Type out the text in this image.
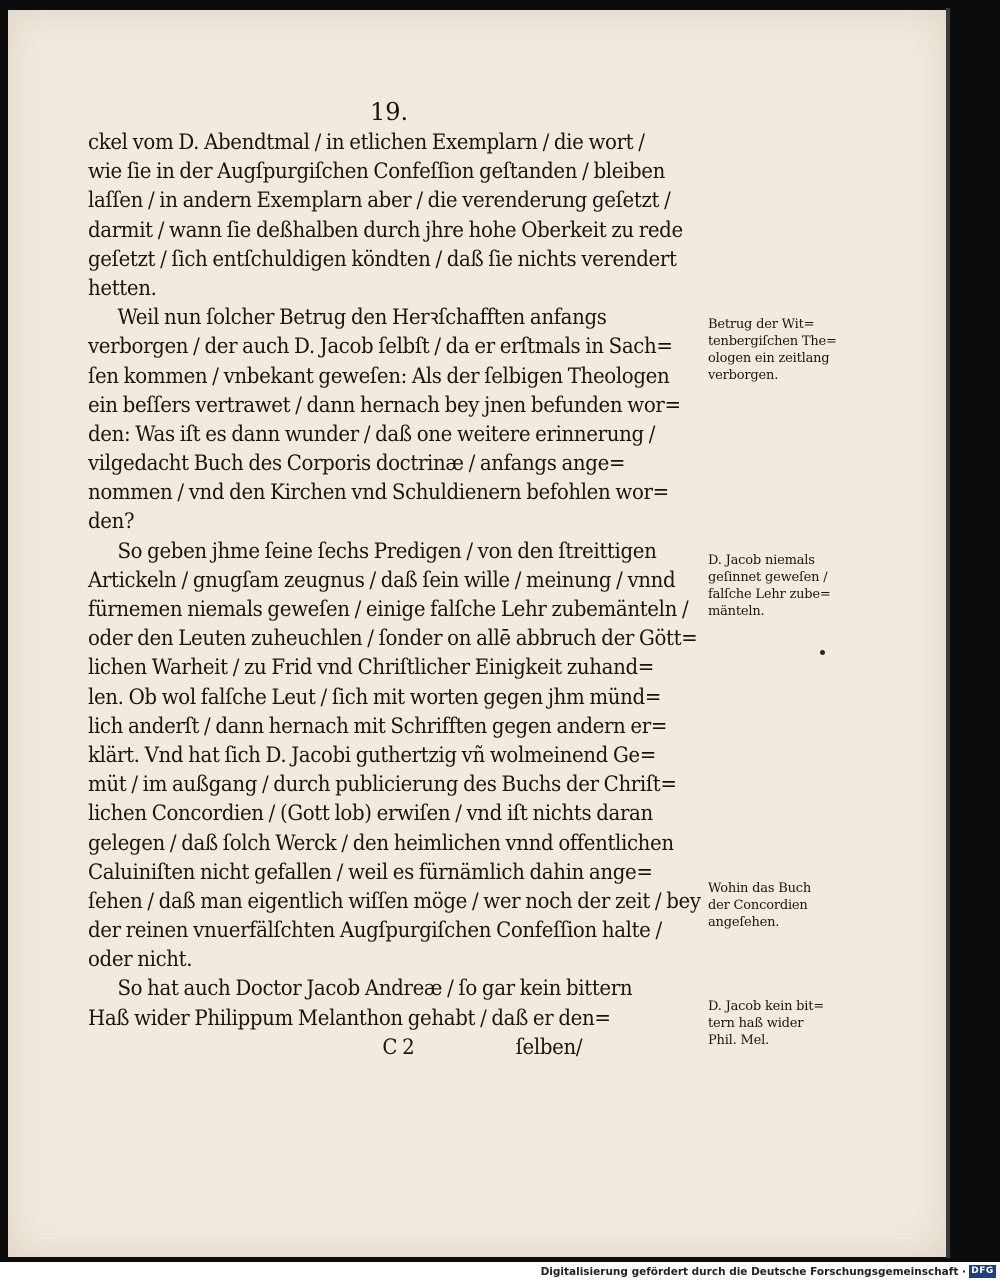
19.
ckel vom D. Abendtmal / in etlichen Exemplarn / die wort /
wie ſie in der Augſpurgiſchen Confeſſion geſtanden / bleiben
laſſen / in andern Exemplarn aber / die verenderung geſetzt /
darmit / wann ſie deßhalben durch jhre hohe Oberkeit zu rede
geſetzt / ſich entſchuldigen köndten / daß ſie nichts verendert
hetten.
Weil nun ſolcher Betrug den Herꝛſchafften anfangs
verborgen / der auch D. Jacob ſelbſt / da er erſtmals in Sach=
ſen kommen / vnbekant geweſen: Als der ſelbigen Theologen
ein beſſers vertrawet / dann hernach bey jnen befunden wor=
den: Was iſt es dann wunder / daß one weitere erinnerung /
vilgedacht Buch des Corporis doctrinæ / anfangs ange=
nommen / vnd den Kirchen vnd Schuldienern befohlen wor=
den?
So geben jhme ſeine ſechs Predigen / von den ſtreittigen
Artickeln / gnugſam zeugnus / daß ſein wille / meinung / vnnd
fürnemen niemals geweſen / einige falſche Lehr zubemänteln /
oder den Leuten zuheuchlen / ſonder on allē abbruch der Gött=
lichen Warheit / zu Frid vnd Chriſtlicher Einigkeit zuhand=
len. Ob wol falſche Leut / ſich mit worten gegen jhm münd=
lich anderſt / dann hernach mit Schrifften gegen andern er=
klärt. Vnd hat ſich D. Jacobi guthertzig vñ wolmeinend Ge=
müt / im außgang / durch publicierung des Buchs der Chriſt=
lichen Concordien / (Gott lob) erwiſen / vnd iſt nichts daran
gelegen / daß ſolch Werck / den heimlichen vnnd offentlichen
Caluiniſten nicht gefallen / weil es fürnämlich dahin ange=
ſehen / daß man eigentlich wiſſen möge / wer noch der zeit / bey
der reinen vnuerfälſchten Augſpurgiſchen Confeſſion halte /
oder nicht.
So hat auch Doctor Jacob Andreæ / ſo gar kein bittern
Haß wider Philippum Melanthon gehabt / daß er den=
C 2	ſelben/
Betrug der Wit=
tenbergiſchen The=
ologen ein zeitlang
verborgen.
D. Jacob niemals
geſinnet geweſen /
falſche Lehr zube=
mänteln.
Wohin das Buch
der Concordien
angeſehen.
D. Jacob kein bit=
tern haß wider
Phil. Mel.
Digitalisierung gefördert durch die Deutsche Forschungsgemeinschaft · DFG
